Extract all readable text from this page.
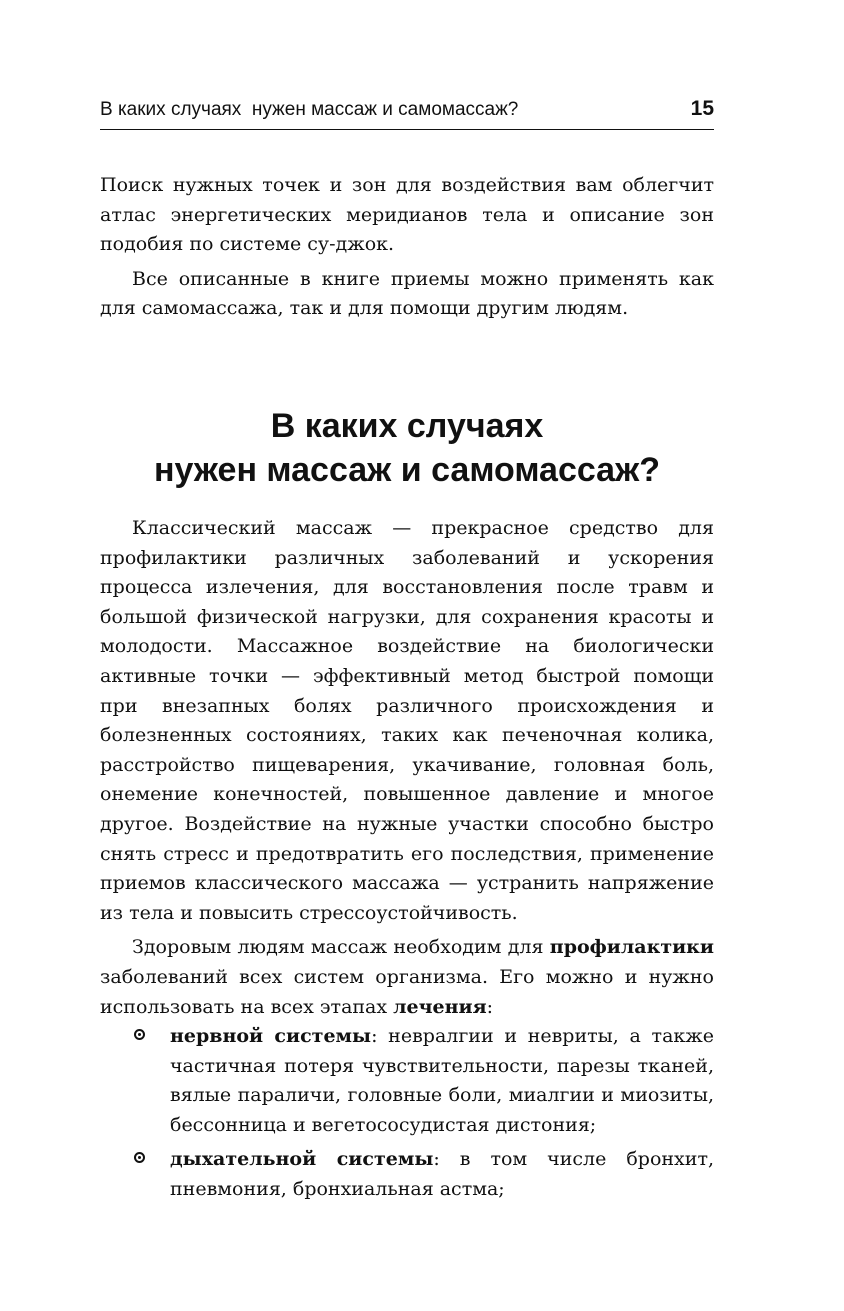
В каких случаях  нужен массаж и самомассаж?	15

Поиск нужных точек и зон для воздействия вам облегчит атлас энергетических меридианов тела и описание зон подобия по системе су-джок.

Все описанные в книге приемы можно применять как для самомассажа, так и для помощи другим людям.

В каких случаях
нужен массаж и самомассаж?

Классический массаж — прекрасное средство для профилактики различных заболеваний и ускорения процесса излечения, для восстановления после травм и большой физической нагрузки, для сохранения красоты и молодости. Массажное воздействие на биологически активные точки — эффективный метод быстрой помощи при внезапных болях различного происхождения и болезненных состояниях, таких как печеночная колика, расстройство пищеварения, укачивание, головная боль, онемение конечностей, повышенное давление и многое другое. Воздействие на нужные участки способно быстро снять стресс и предотвратить его последствия, применение приемов классического массажа — устранить напряжение из тела и повысить стрессоустойчивость.

Здоровым людям массаж необходим для профилактики заболеваний всех систем организма. Его можно и нужно использовать на всех этапах лечения:

нервной системы: невралгии и невриты, а также частичная потеря чувствительности, парезы тканей, вялые параличи, головные боли, миалгии и миозиты, бессонница и вегетососудистая дистония;
дыхательной системы: в том числе бронхит, пневмония, бронхиальная астма;
